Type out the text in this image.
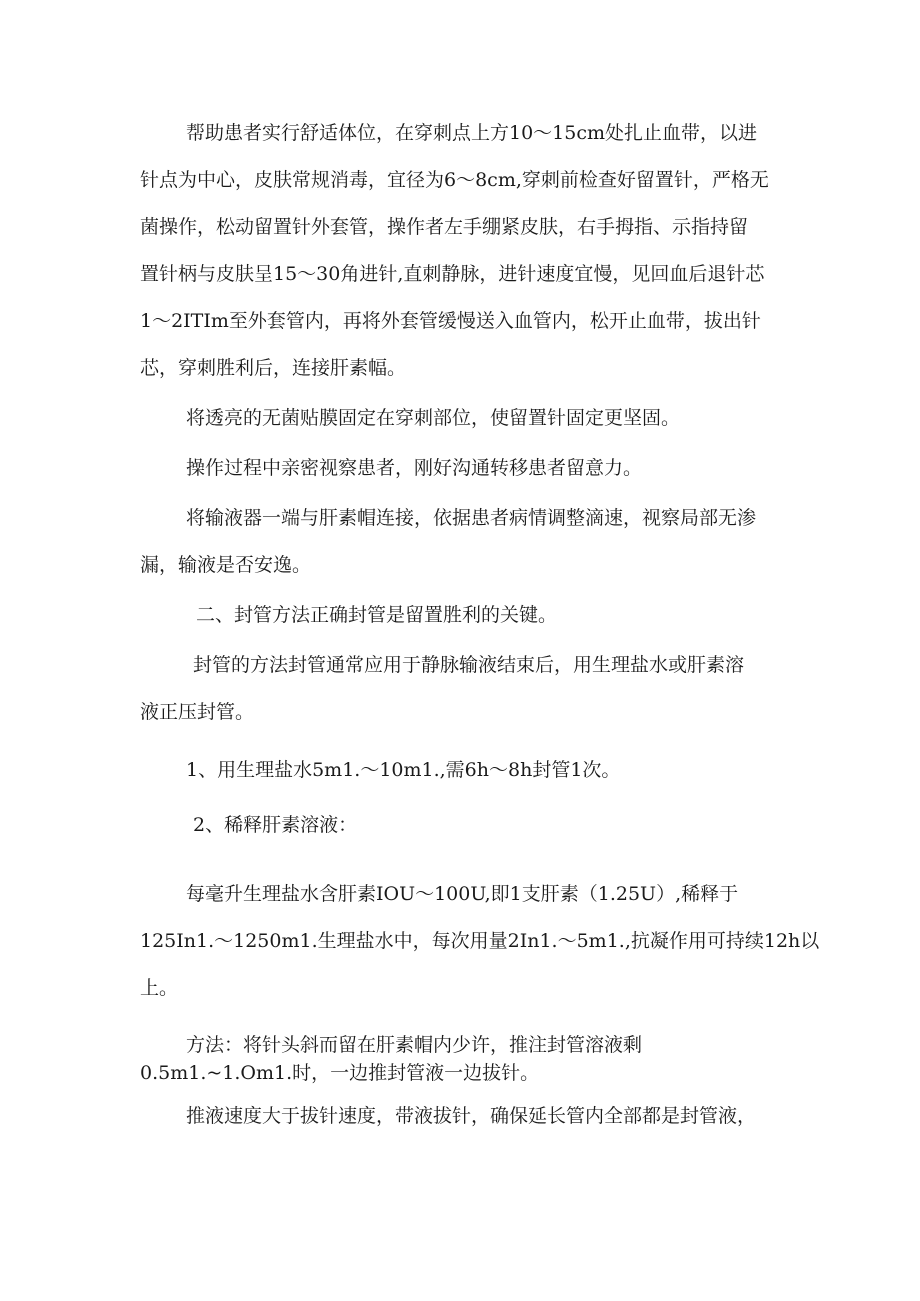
帮助患者实行舒适体位，在穿刺点上方10～15cm处扎止血带，以进

针点为中心，皮肤常规消毒，宜径为6～8cm,穿刺前检查好留置针，严格无

菌操作，松动留置针外套管，操作者左手绷紧皮肤，右手拇指、示指持留

置针柄与皮肤呈15～30角进针,直刺静脉，进针速度宜慢，见回血后退针芯

1～2ITIm至外套管内，再将外套管缓慢送入血管内，松开止血带，拔出针

芯，穿刺胜利后，连接肝素幅。

将透亮的无菌贴膜固定在穿刺部位，使留置针固定更坚固。

操作过程中亲密视察患者，刚好沟通转移患者留意力。

将输液器一端与肝素帽连接，依据患者病情调整滴速，视察局部无渗

漏，输液是否安逸。

二、封管方法正确封管是留置胜利的关键。

封管的方法封管通常应用于静脉输液结束后，用生理盐水或肝素溶

液正压封管。

1、用生理盐水5m1.～10m1.,需6h～8h封管1次。

2、稀释肝素溶液：

每毫升生理盐水含肝素IOU～100U,即1支肝素（1.25U）,稀释于

125In1.～1250m1.生理盐水中，每次用量2In1.～5m1.,抗凝作用可持续12h以

上。

方法：将针头斜而留在肝素帽内少许，推注封管溶液剩

0.5m1.~1.Om1.时，一边推封管液一边拔针。

推液速度大于拔针速度，带液拔针，确保延长管内全部都是封管液，
